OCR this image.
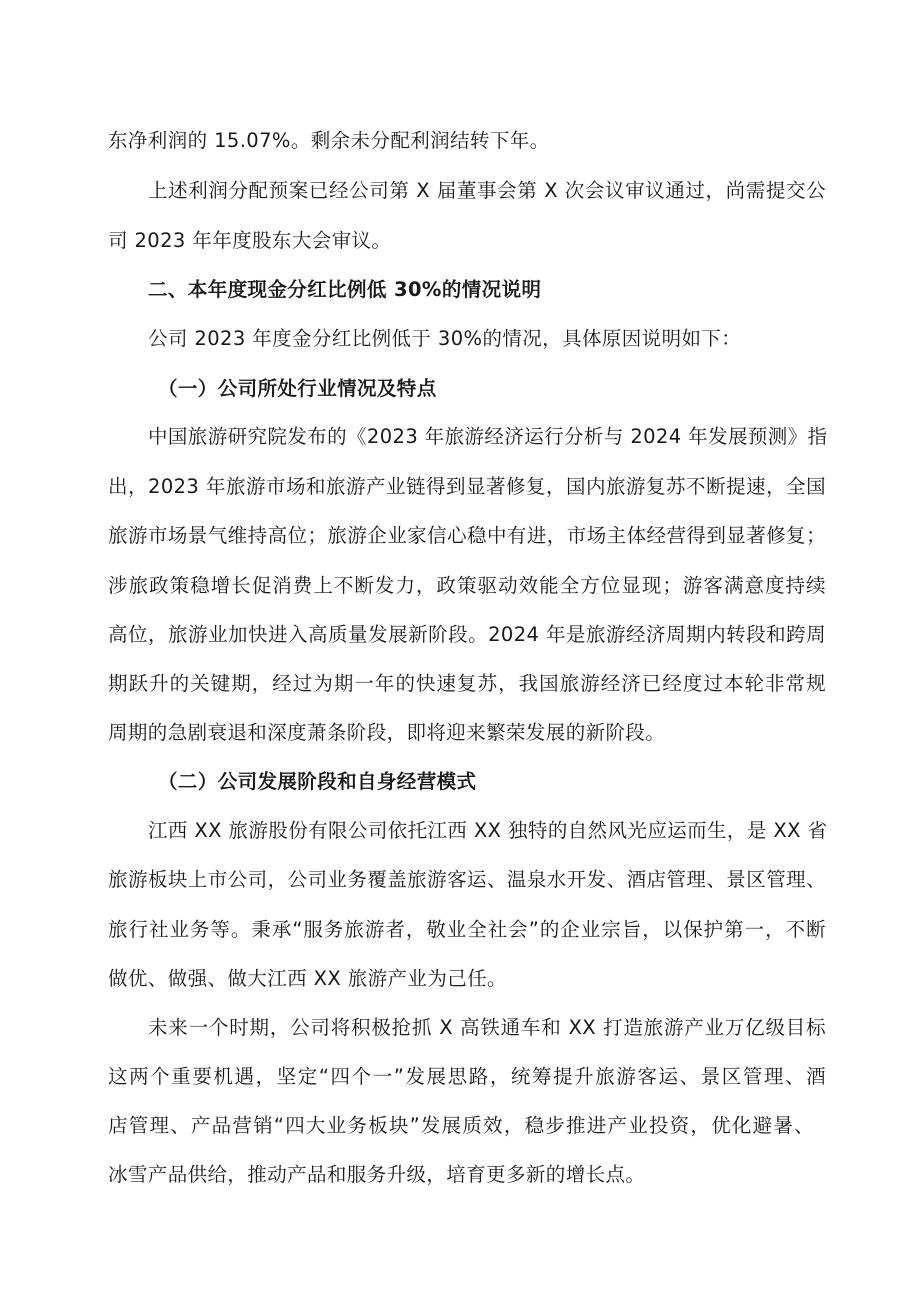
东净利润的 15.07%。剩余未分配利润结转下年。
上述利润分配预案已经公司第 X 届董事会第 X 次会议审议通过，尚需提交公
司 2023 年年度股东大会审议。
二、本年度现金分红比例低 30%的情况说明
公司 2023 年度金分红比例低于 30%的情况，具体原因说明如下：
（一）公司所处行业情况及特点
中国旅游研究院发布的《2023 年旅游经济运行分析与 2024 年发展预测》指
出，2023 年旅游市场和旅游产业链得到显著修复，国内旅游复苏不断提速，全国
旅游市场景气维持高位；旅游企业家信心稳中有进，市场主体经营得到显著修复；
涉旅政策稳增长促消费上不断发力，政策驱动效能全方位显现；游客满意度持续
高位，旅游业加快进入高质量发展新阶段。2024 年是旅游经济周期内转段和跨周
期跃升的关键期，经过为期一年的快速复苏，我国旅游经济已经度过本轮非常规
周期的急剧衰退和深度萧条阶段，即将迎来繁荣发展的新阶段。
（二）公司发展阶段和自身经营模式
江西 XX 旅游股份有限公司依托江西 XX 独特的自然风光应运而生，是 XX 省
旅游板块上市公司，公司业务覆盖旅游客运、温泉水开发、酒店管理、景区管理、
旅行社业务等。秉承“服务旅游者，敬业全社会”的企业宗旨，以保护第一，不断
做优、做强、做大江西 XX 旅游产业为己任。
未来一个时期，公司将积极抢抓 X 高铁通车和 XX 打造旅游产业万亿级目标
这两个重要机遇，坚定“四个一”发展思路，统筹提升旅游客运、景区管理、酒
店管理、产品营销“四大业务板块”发展质效，稳步推进产业投资，优化避暑、
冰雪产品供给，推动产品和服务升级，培育更多新的增长点。
